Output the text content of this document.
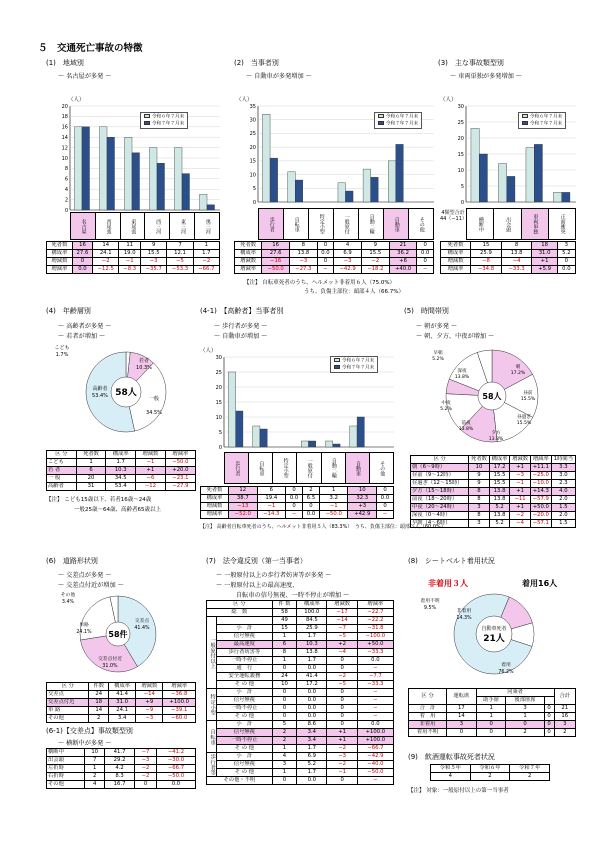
５　交通死亡事故の特徴
(1)　地域別
～ 名古屋が多発 ～
（人）
0
2
4
6
8
10
12
14
16
18
20
令和６年７月末
令和７年７月末
名古屋	西尾張	東尾張	西三河	東三河	奥三河
死者数	16	14	11	9	7	1
構成率	27.6	24.1	19.0	15.5	12.1	1.7
増減数	0	−2	−1	−3	−5	−2
増減率	0.0	−12.5	−8.3	−35.7	−53.3	−66.7
(2)　当事者別
～ 自動車が多発増加 ～
（人）
0
5
10
15
20
25
30
35
令和６年７月末
令和７年７月末
歩行者	自転車	特定小型	一般原付	自動二輪	自動車	その他
死者数	16	8	0	4	9	21	0
構成率	27.6	13.8	0.0	6.9	15.5	36.2	0.0
増減数	−16	−3	0	−3	−2	+6	0
増減率	−50.0	−27.3	−	−42.9	−18.2	+40.0	−
【注】 自転車死者のうち、ヘルメット非着用６人（75.0%）
うち、負傷主部位：頭部４人（66.7%）
(3)　主な事故類型別
～ 車両単独が多発増加 ～
（人）
0
5
10
15
20
25
30
令和６年７月末
令和７年７月末
4類型合計
44（−11）	横断中	出会頭	車両単独	正面衝突
死者数	15	8	18	3
構成率	25.9	13.8	31.0	5.2
増減数	−8	−4	+1	0
増減率	−34.8	−33.3	+5.9	0.0
(4)　年齢層別
～ 高齢者が多発 ～
～ 若者が増加 ～
58人
こども
1.7%
若者
10.3%
一般
34.5%
高齢者
53.4%
区 分	死者数	構成率	増減数	増減率
こども	1	1.7	−1	−50.0
若 者	6	10.3	+1	+20.0
一 般	20	34.5	−6	−23.1
高齢者	31	53.4	−12	−27.9
【注】 こども15歳以下、若者16歳～24歳
一般25歳～64歳、高齢者65歳以上
(4-1)　【高齢者】当事者別
～ 歩行者が多発 ～
～ 自動車が増加 ～
（人）
0
5
10
15
20
25
30
令和６年７月末
令和７年７月末
歩行者	自転車	特定小型	一般原付	自動二輪	自動車	その他
死者数	12	6	0	2	1	10	0
構成率	38.7	19.4	0.0	6.5	3.2	32.3	0.0
増減数	−13	−1	0	0	−1	+3	0
増減率	−52.0	−14.3	−	0.0	−50.0	+42.9	−
【注】 高齢者自転車死者のうち、ヘルメット非着用５人（83.3%）　うち、負傷主部位：頭部３人（60.0%）
(5)　時間帯別
～ 朝が多発 ～
～ 朝、夕方、中夜が増加 ～
58人
朝
17.2%
昼前
15.5%
昼過ぎ
15.5%
夕方
13.8%
前夜
13.8%
中夜
5.2%
深夜
13.8%
早朝
5.2%
区 分	死者数	構成率	増減数	増減率	1時間当
朝（6〜9時）	10	17.2	+1	+11.1	3.3
昼前（9〜12時）	9	15.5	−3	−25.0	3.0
昼過ぎ（12〜15時）	9	15.5	−1	−10.0	2.3
夕方（15〜18時）	8	13.8	+1	+14.3	4.0
前夜（18〜20時）	8	13.8	−11	−57.9	2.0
中夜（20〜24時）	3	5.2	+1	+50.0	1.5
深夜（0〜4時）	8	13.8	−2	−20.0	2.0
早朝（4〜6時）	3	5.2	−4	−57.1	1.5
(6)　道路形状別
～ 交差点が多発 ～
～ 交差点付近が増加 ～
58件
交差点
41.4%
交差点付近
31.0%
単路
24.1%
その他
3.4%
区 分	件数	構成率	増減数	増減率
交差点	24	41.4	−14	−36.8
交差点付近	18	31.0	+9	+100.0
単 路	14	24.1	−9	−39.1
その他	2	3.4	−3	−60.0
(6-1)【交差点】事故類型別
～ 横断中が多発 ～
横断中	10	41.7	−7	−41.2
出会頭	7	29.2	−3	−30.0
左折時	1	4.2	−2	−66.7
右折時	2	8.3	−2	−50.0
その他	4	16.7	0	0.0
(7)　法令違反別（第一当事者）
～ 一般原付以上の歩行者妨害等が多発 ～
～ 一般原付以上の最高速度、
自転車の信号無視、一時不停止が増加 ～
区 分		件 数	構成率	増減数	増減率
総　数		58	100.0	−17	−22.7
一般原付以上		49	84.5	−14	−22.2
	小　計	15	25.9	−7	−31.8
	信号無視	1	1.7	−5	−100.0
	最高速度	6	10.3	+2	+50.0
	歩行者妨害等	8	13.8	−4	−33.3
	一時不停止	1	1.7	0	0.0
	通　行	0	0.0	0	−
	安全運転義務	24	41.4	−2	−7.7
	そ の 他	10	17.2	−5	−33.3
特定小型	小　計	0	0.0	0	−
	信号無視	0	0.0	0	−
	一時不停止	0	0.0	0	−
	そ の 他	0	0.0	0	−
自転車	小　計	5	8.6	0	0.0
	信号無視	2	3.4	+1	+100.0
	一時不停止	2	3.4	+1	+100.0
	そ の 他	1	1.7	−2	−66.7
歩行者等	小　計	4	6.9	−3	−42.9
	信号無視	3	5.2	−2	−40.0
	そ の 他	1	1.7	−1	−50.0
その他・不明		0	0.0	0	−
(8)　シートベルト着用状況
非着用３人	着用16人
自動車死者
21人
着用
76.2%
非着用
14.3%
着用不明
9.5%
区 分	運転席	同乗者			合計
		助手席	後部座席		
合　計	17	1	3	0	21
着　用	14	1	1	0	16
非着用	3	0	0	0	3
着用不明	0	0	2	0	2
(9)　飲酒運転事故死者状況
令和５年	令和６年	令和７年
4	2	2
【注】 対象：一般原付以上の第一当事者
